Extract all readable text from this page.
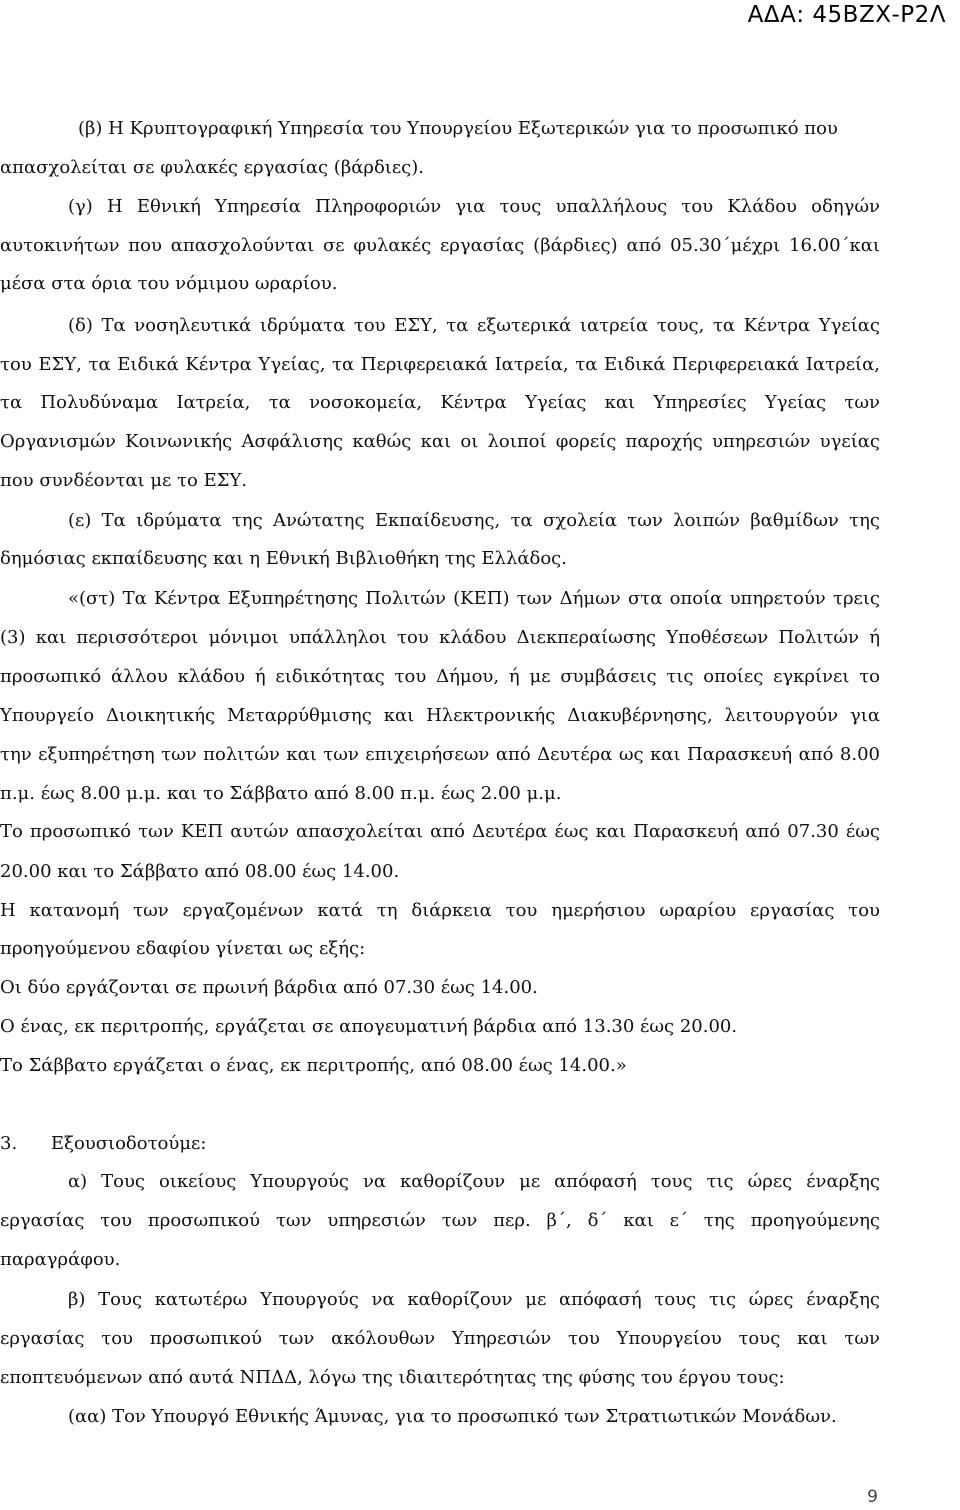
ΑΔΑ: 45ΒΖΧ-Ρ2Λ
(β) Η Κρυπτογραφική Υπηρεσία του Υπουργείου Εξωτερικών για το προσωπικό που
απασχολείται σε φυλακές εργασίας (βάρδιες).
(γ) Η Εθνική Υπηρεσία Πληροφοριών για τους υπαλλήλους του Κλάδου οδηγών
αυτοκινήτων που απασχολούνται σε φυλακές εργασίας (βάρδιες) από 05.30΄μέχρι 16.00΄και
μέσα στα όρια του νόμιμου ωραρίου.
(δ) Τα νοσηλευτικά ιδρύματα του ΕΣΥ, τα εξωτερικά ιατρεία τους, τα Κέντρα Υγείας
του ΕΣΥ, τα Ειδικά Κέντρα Υγείας, τα Περιφερειακά Ιατρεία, τα Ειδικά Περιφερειακά Ιατρεία,
τα Πολυδύναμα Ιατρεία, τα νοσοκομεία, Κέντρα Υγείας και Υπηρεσίες Υγείας των
Οργανισμών Κοινωνικής Ασφάλισης καθώς και οι λοιποί φορείς παροχής υπηρεσιών υγείας
που συνδέονται με το ΕΣΥ.
(ε) Τα ιδρύματα της Ανώτατης Εκπαίδευσης, τα σχολεία των λοιπών βαθμίδων της
δημόσιας εκπαίδευσης και η Εθνική Βιβλιοθήκη της Ελλάδος.
«(στ) Τα Κέντρα Εξυπηρέτησης Πολιτών (ΚΕΠ) των Δήμων στα οποία υπηρετούν τρεις
(3) και περισσότεροι μόνιμοι υπάλληλοι του κλάδου Διεκπεραίωσης Υποθέσεων Πολιτών ή
προσωπικό άλλου κλάδου ή ειδικότητας του Δήμου, ή με συμβάσεις τις οποίες εγκρίνει το
Υπουργείο Διοικητικής Μεταρρύθμισης και Ηλεκτρονικής Διακυβέρνησης, λειτουργούν για
την εξυπηρέτηση των πολιτών και των επιχειρήσεων από Δευτέρα ως και Παρασκευή από 8.00
π.μ. έως 8.00 μ.μ. και το Σάββατο από 8.00 π.μ. έως 2.00 μ.μ.
Το προσωπικό των ΚΕΠ αυτών απασχολείται από Δευτέρα έως και Παρασκευή από 07.30 έως
20.00 και το Σάββατο από 08.00 έως 14.00.
Η κατανομή των εργαζομένων κατά τη διάρκεια του ημερήσιου ωραρίου εργασίας του
προηγούμενου εδαφίου γίνεται ως εξής:
Οι δύο εργάζονται σε πρωινή βάρδια από 07.30 έως 14.00.
Ο ένας, εκ περιτροπής, εργάζεται σε απογευματινή βάρδια από 13.30 έως 20.00.
Το Σάββατο εργάζεται ο ένας, εκ περιτροπής, από 08.00 έως 14.00.»
3. Εξουσιοδοτούμε:
α) Τους οικείους Υπουργούς να καθορίζουν με απόφασή τους τις ώρες έναρξης
εργασίας του προσωπικού των υπηρεσιών των περ. β΄, δ΄ και ε΄ της προηγούμενης
παραγράφου.
β) Τους κατωτέρω Υπουργούς να καθορίζουν με απόφασή τους τις ώρες έναρξης
εργασίας του προσωπικού των ακόλουθων Υπηρεσιών του Υπουργείου τους και των
εποπτευόμενων από αυτά ΝΠΔΔ, λόγω της ιδιαιτερότητας της φύσης του έργου τους:
(αα) Τον Υπουργό Εθνικής Άμυνας, για το προσωπικό των Στρατιωτικών Μονάδων.
9
